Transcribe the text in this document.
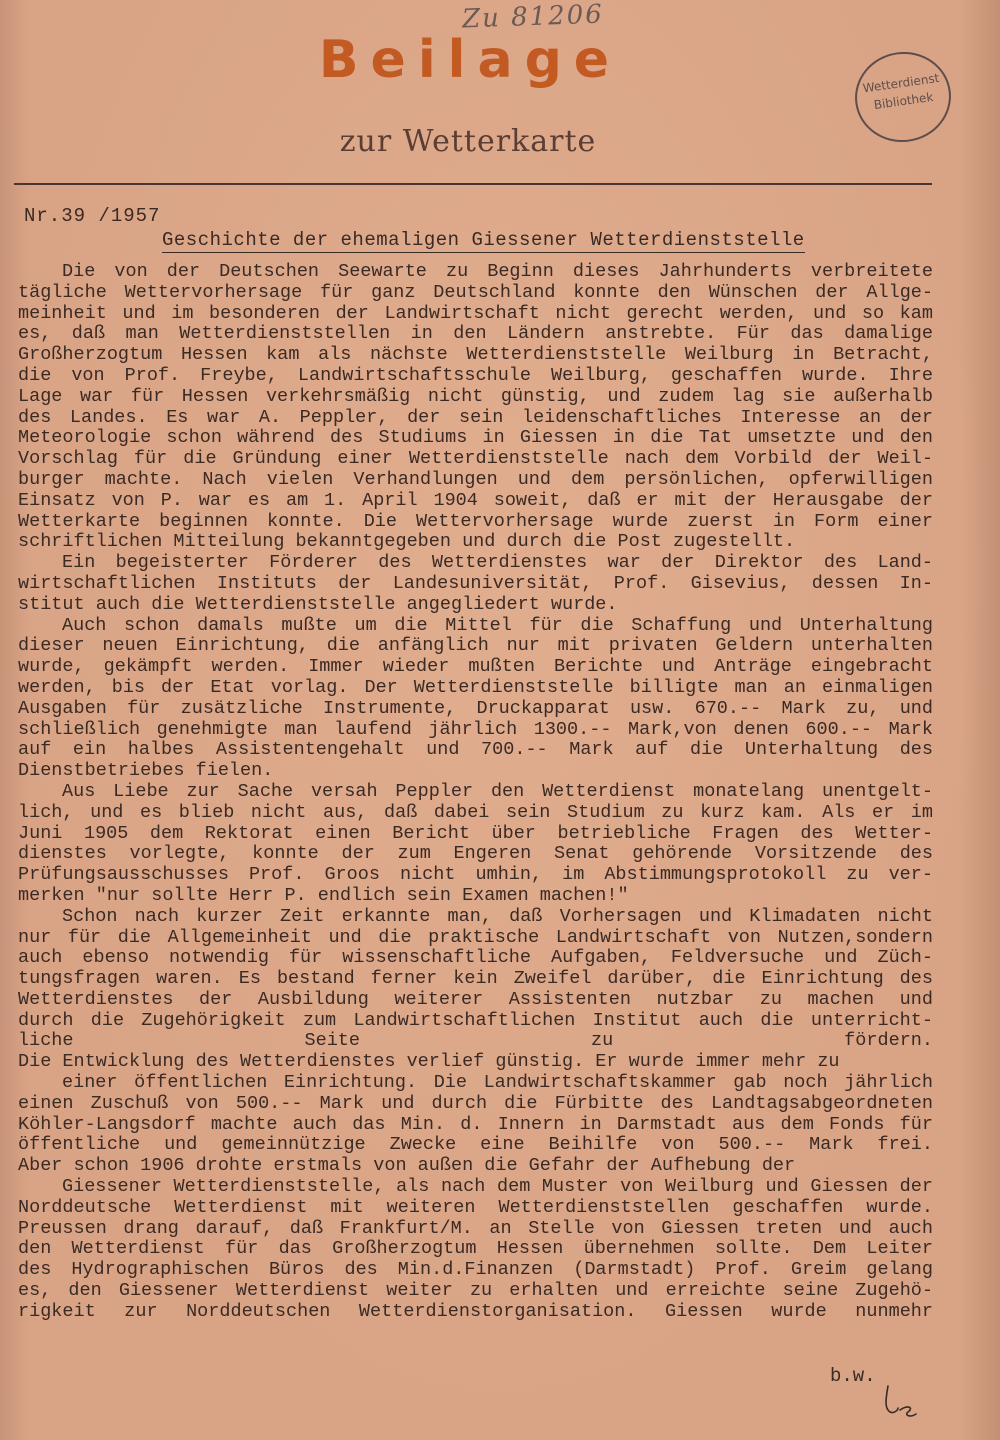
Zu 81206
Beilage
zur Wetterkarte
Wetterdienst
Bibliothek
Nr.39 /1957
Geschichte der ehemaligen Giessener Wetterdienststelle
Die von der Deutschen Seewarte zu Beginn dieses Jahrhunderts verbreitete
tägliche Wettervorhersage für ganz Deutschland konnte den Wünschen der Allge-
meinheit und im besonderen der Landwirtschaft nicht gerecht werden, und so kam
es, daß man Wetterdienststellen in den Ländern anstrebte. Für das damalige
Großherzogtum Hessen kam als nächste Wetterdienststelle Weilburg in Betracht,
die von Prof. Freybe, Landwirtschaftsschule Weilburg, geschaffen wurde. Ihre
Lage war für Hessen verkehrsmäßig nicht günstig, und zudem lag sie außerhalb
des Landes. Es war A. Peppler, der sein leidenschaftliches Interesse an der
Meteorologie schon während des Studiums in Giessen in die Tat umsetzte und den
Vorschlag für die Gründung einer Wetterdienststelle nach dem Vorbild der Weil-
burger machte. Nach vielen Verhandlungen und dem persönlichen, opferwilligen
Einsatz von P. war es am 1. April 1904 soweit, daß er mit der Herausgabe der
Wetterkarte beginnen konnte. Die Wettervorhersage wurde zuerst in Form einer
schriftlichen Mitteilung bekanntgegeben und durch die Post zugestellt.
Ein begeisterter Förderer des Wetterdienstes war der Direktor des Land-
wirtschaftlichen Instituts der Landesuniversität, Prof. Gisevius, dessen In-
stitut auch die Wetterdienststelle angegliedert wurde.
Auch schon damals mußte um die Mittel für die Schaffung und Unterhaltung
dieser neuen Einrichtung, die anfänglich nur mit privaten Geldern unterhalten
wurde, gekämpft werden. Immer wieder mußten Berichte und Anträge eingebracht
werden, bis der Etat vorlag. Der Wetterdienststelle billigte man an einmaligen
Ausgaben für zusätzliche Instrumente, Druckapparat usw. 670.-- Mark zu, und
schließlich genehmigte man laufend jährlich 1300.-- Mark,von denen 600.-- Mark
auf ein halbes Assistentengehalt und 700.-- Mark auf die Unterhaltung des
Dienstbetriebes fielen.
Aus Liebe zur Sache versah Peppler den Wetterdienst monatelang unentgelt-
lich, und es blieb nicht aus, daß dabei sein Studium zu kurz kam. Als er im
Juni 1905 dem Rektorat einen Bericht über betriebliche Fragen des Wetter-
dienstes vorlegte, konnte der zum Engeren Senat gehörende Vorsitzende des
Prüfungsausschusses Prof. Groos nicht umhin, im Abstimmungsprotokoll zu ver-
merken "nur sollte Herr P. endlich sein Examen machen!"
Schon nach kurzer Zeit erkannte man, daß Vorhersagen und Klimadaten nicht
nur für die Allgemeinheit und die praktische Landwirtschaft von Nutzen,sondern
auch ebenso notwendig für wissenschaftliche Aufgaben, Feldversuche und Züch-
tungsfragen waren. Es bestand ferner kein Zweifel darüber, die Einrichtung des
Wetterdienstes der Ausbildung weiterer Assistenten nutzbar zu machen und
durch die Zugehörigkeit zum Landwirtschaftlichen Institut auch die unterricht-
liche Seite zu fördern.
Die Entwicklung des Wetterdienstes verlief günstig. Er wurde immer mehr zu
einer öffentlichen Einrichtung. Die Landwirtschaftskammer gab noch jährlich
einen Zuschuß von 500.-- Mark und durch die Fürbitte des Landtagsabgeordneten
Köhler-Langsdorf machte auch das Min. d. Innern in Darmstadt aus dem Fonds für
öffentliche und gemeinnützige Zwecke eine Beihilfe von 500.-- Mark frei.
Aber schon 1906 drohte erstmals von außen die Gefahr der Aufhebung der
Giessener Wetterdienststelle, als nach dem Muster von Weilburg und Giessen der
Norddeutsche Wetterdienst mit weiteren Wetterdienststellen geschaffen wurde.
Preussen drang darauf, daß Frankfurt/M. an Stelle von Giessen treten und auch
den Wetterdienst für das Großherzogtum Hessen übernehmen sollte. Dem Leiter
des Hydrographischen Büros des Min.d.Finanzen (Darmstadt) Prof. Greim gelang
es, den Giessener Wetterdienst weiter zu erhalten und erreichte seine Zugehö-
rigkeit zur Norddeutschen Wetterdienstorganisation. Giessen wurde nunmehr
b.w.
